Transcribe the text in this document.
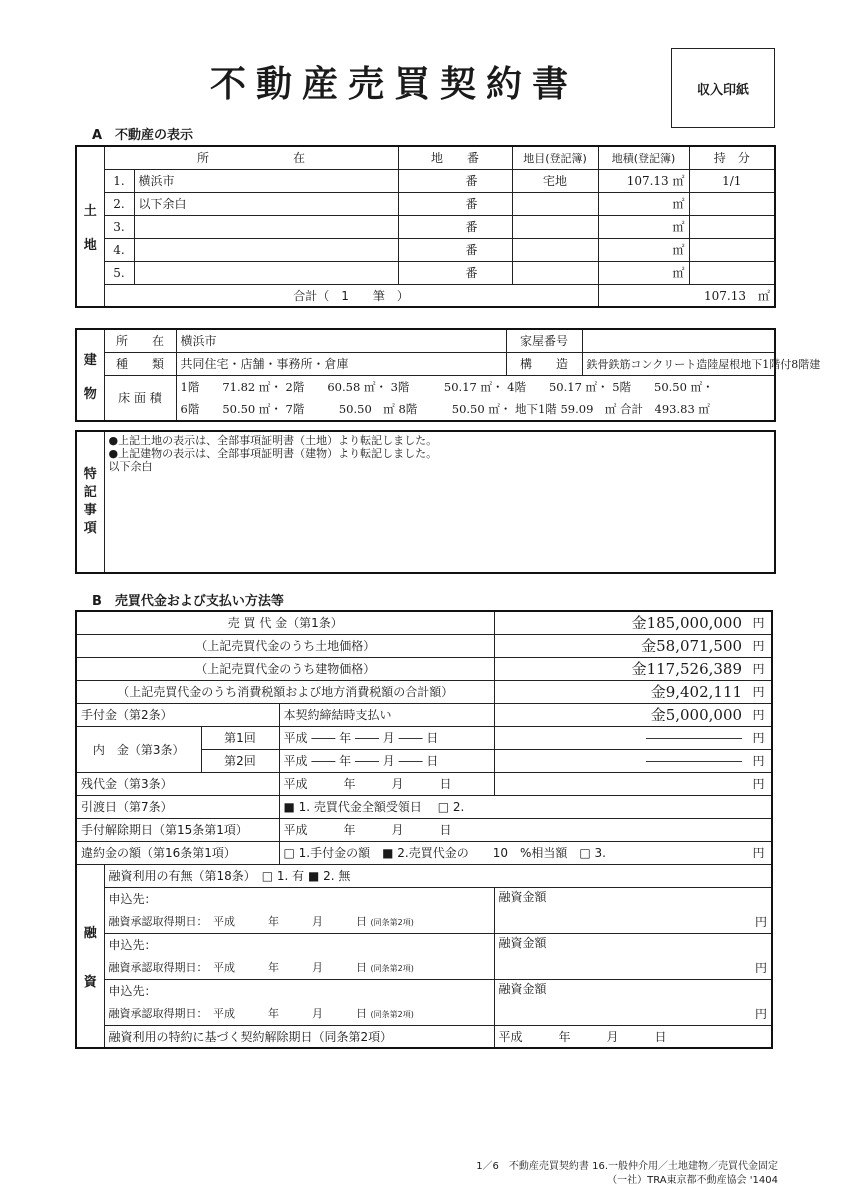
不動産売買契約書	収入印紙
A　不動産の表示
土

地	所　　　　　　　在		地　　番	地目(登記簿)	地積(登記簿)	持　分
	1.	横浜市	番	宅地	107.13 ㎡	1/1
	2.	以下余白	番		㎡	
	3.		番		㎡	
	4.		番		㎡	
	5.		番		㎡	
	合計（　1　　筆　）				107.13　㎡	
建

物	所　　在	横浜市	家屋番号	
	種　　類	共同住宅・店舗・事務所・倉庫	構　　造	鉄骨鉄筋コンクリート造陸屋根地下1階付8階建
	床 面 積	1階　　71.82 ㎡・ 2階　　60.58 ㎡・ 3階　　　50.17 ㎡・ 4階　　50.17 ㎡・ 5階　　50.50 ㎡・		
		6階　　50.50 ㎡・ 7階　　　50.50　㎡ 8階　　　50.50 ㎡・ 地下1階 59.09　㎡ 合計　493.83 ㎡		
特
記
事
項	
●上記土地の表示は、全部事項証明書（土地）より転記しました。
●上記建物の表示は、全部事項証明書（建物）より転記しました。
以下余白
B　売買代金および支払い方法等
売 買 代 金（第1条）				金185,000,000	円
（上記売買代金のうち土地価格）				金58,071,500	円
（上記売買代金のうち建物価格）				金117,526,389	円
（上記売買代金のうち消費税額および地方消費税額の合計額）				金9,402,111	円
手付金（第2条）			本契約締結時支払い	金5,000,000	円
内　金（第3条）		第1回	平成 ―― 年 ―― 月 ―― 日	――――――――	円
		第2回	平成 ―― 年 ―― 月 ―― 日	――――――――	円
残代金（第3条）			平成　　　年　　　月　　　日		円
引渡日（第7条）			■ 1. 売買代金全額受領日　 □ 2.		
手付解除期日（第15条第1項）			平成　　　年　　　月　　　日		
違約金の額（第16条第1項）			□ 1.手付金の額　■ 2.売買代金の　　10　%相当額　□ 3.		円
融

資	融資利用の有無（第18条）　□ 1. 有 ■ 2. 無				
	申込先：			融資金額	
	融資承認取得期日：　平成　　　年　　　月　　　日 (同条第2項)			円	
	申込先：			融資金額	
	融資承認取得期日：　平成　　　年　　　月　　　日 (同条第2項)			円	
	申込先：			融資金額	
	融資承認取得期日：　平成　　　年　　　月　　　日 (同条第2項)			円	
	融資利用の特約に基づく契約解除期日（同条第2項）			平成　　　年　　　月　　　日	
1／6　不動産売買契約書 16.一般仲介用／土地建物／売買代金固定
（一社）TRA東京都不動産協会 '1404
